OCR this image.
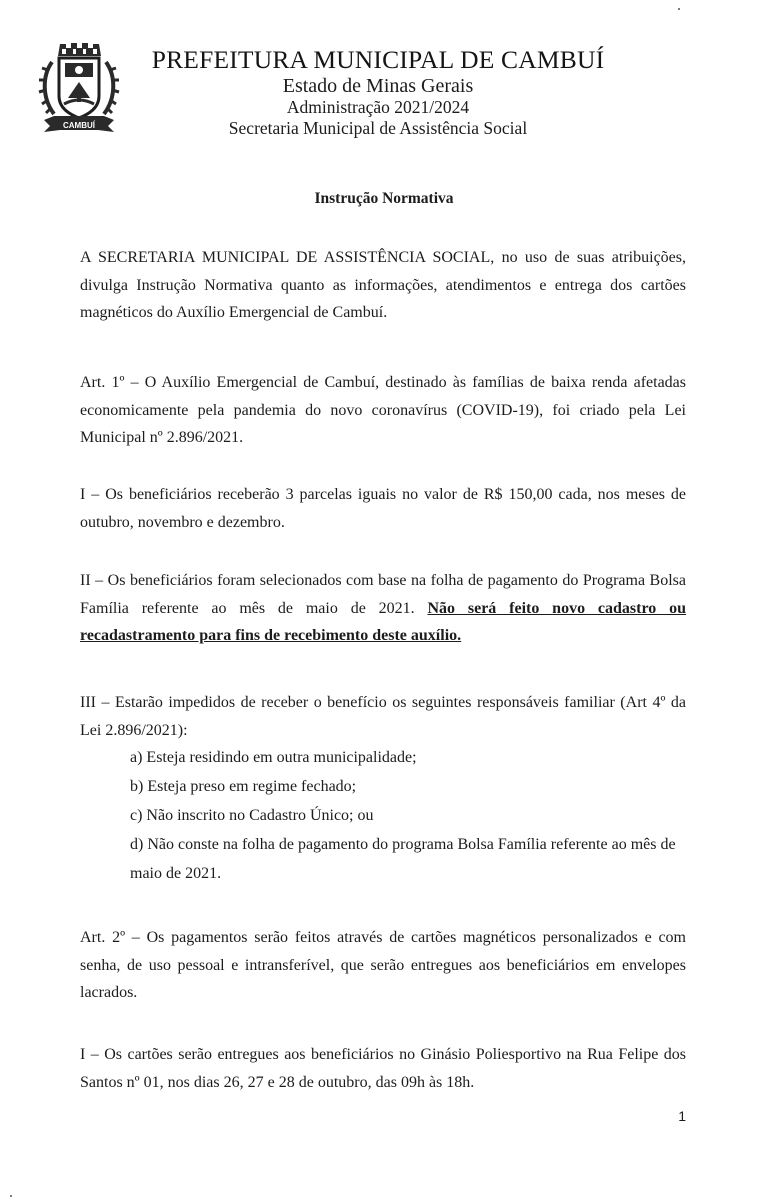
CAMBUÍ
PREFEITURA MUNICIPAL DE CAMBUÍ
Estado de Minas Gerais
Administração 2021/2024
Secretaria Municipal de Assistência Social
Instrução Normativa
A SECRETARIA MUNICIPAL DE ASSISTÊNCIA SOCIAL, no uso de suas atribuições, divulga Instrução Normativa quanto as informações, atendimentos e entrega dos cartões magnéticos do Auxílio Emergencial de Cambuí.
Art. 1º – O Auxílio Emergencial de Cambuí, destinado às famílias de baixa renda afetadas economicamente pela pandemia do novo coronavírus (COVID-19), foi criado pela Lei Municipal nº 2.896/2021.
I – Os beneficiários receberão 3 parcelas iguais no valor de R$ 150,00 cada, nos meses de outubro, novembro e dezembro.
II – Os beneficiários foram selecionados com base na folha de pagamento do Programa Bolsa Família referente ao mês de maio de 2021. Não será feito novo cadastro ou recadastramento para fins de recebimento deste auxílio.
III – Estarão impedidos de receber o benefício os seguintes responsáveis familiar (Art 4º da Lei 2.896/2021):
a) Esteja residindo em outra municipalidade;
b) Esteja preso em regime fechado;
c) Não inscrito no Cadastro Único; ou
d) Não conste na folha de pagamento do programa Bolsa Família referente ao mês de maio de 2021.
Art. 2º – Os pagamentos serão feitos através de cartões magnéticos personalizados e com senha, de uso pessoal e intransferível, que serão entregues aos beneficiários em envelopes lacrados.
I – Os cartões serão entregues aos beneficiários no Ginásio Poliesportivo na Rua Felipe dos Santos nº 01, nos dias 26, 27 e 28 de outubro, das 09h às 18h.
1
